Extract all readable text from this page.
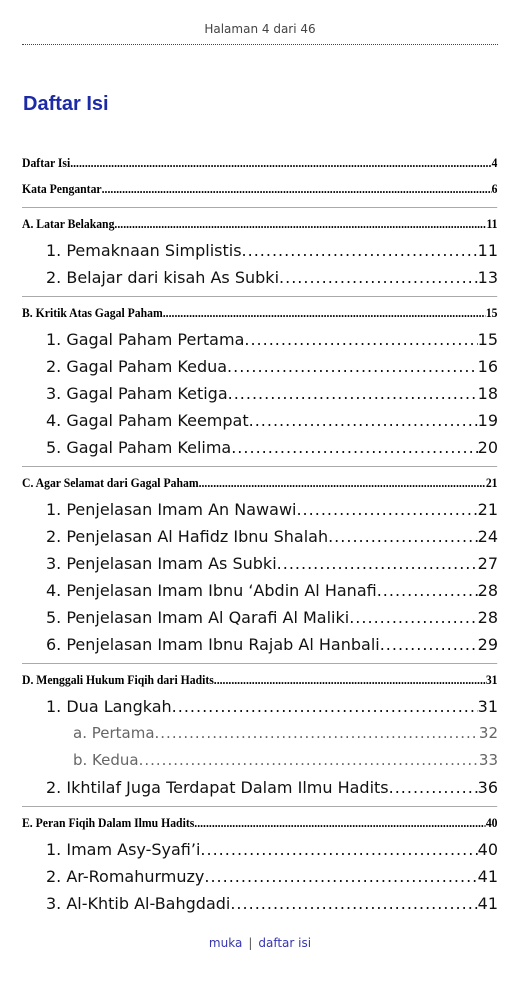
Halaman 4 dari 46
Daftar Isi
Daftar Isi .....	4
Kata Pengantar .....	6
A. Latar Belakang .....	11
1. Pemaknaan Simplistis .....	11
2. Belajar dari kisah As Subki .....	13
B. Kritik Atas Gagal Paham .....	15
1. Gagal Paham Pertama .....	15
2. Gagal Paham Kedua .....	16
3. Gagal Paham Ketiga .....	18
4. Gagal Paham Keempat .....	19
5. Gagal Paham Kelima .....	20
C. Agar Selamat dari Gagal Paham .....	21
1. Penjelasan Imam An Nawawi .....	21
2. Penjelasan Al Hafidz Ibnu Shalah .....	24
3. Penjelasan Imam As Subki .....	27
4. Penjelasan Imam Ibnu ‘Abdin Al Hanafi .....	28
5. Penjelasan Imam Al Qarafi Al Maliki .....	28
6. Penjelasan Imam Ibnu Rajab Al Hanbali .....	29
D. Menggali Hukum Fiqih dari Hadits .....	31
1. Dua Langkah .....	31
a. Pertama .....	32
b. Kedua .....	33
2. Ikhtilaf Juga Terdapat Dalam Ilmu Hadits .....	36
E. Peran Fiqih Dalam Ilmu Hadits .....	40
1. Imam Asy-Syafi’i .....	40
2. Ar-Romahurmuzy .....	41
3. Al-Khtib Al-Bahgdadi .....	41
muka | daftar isi
